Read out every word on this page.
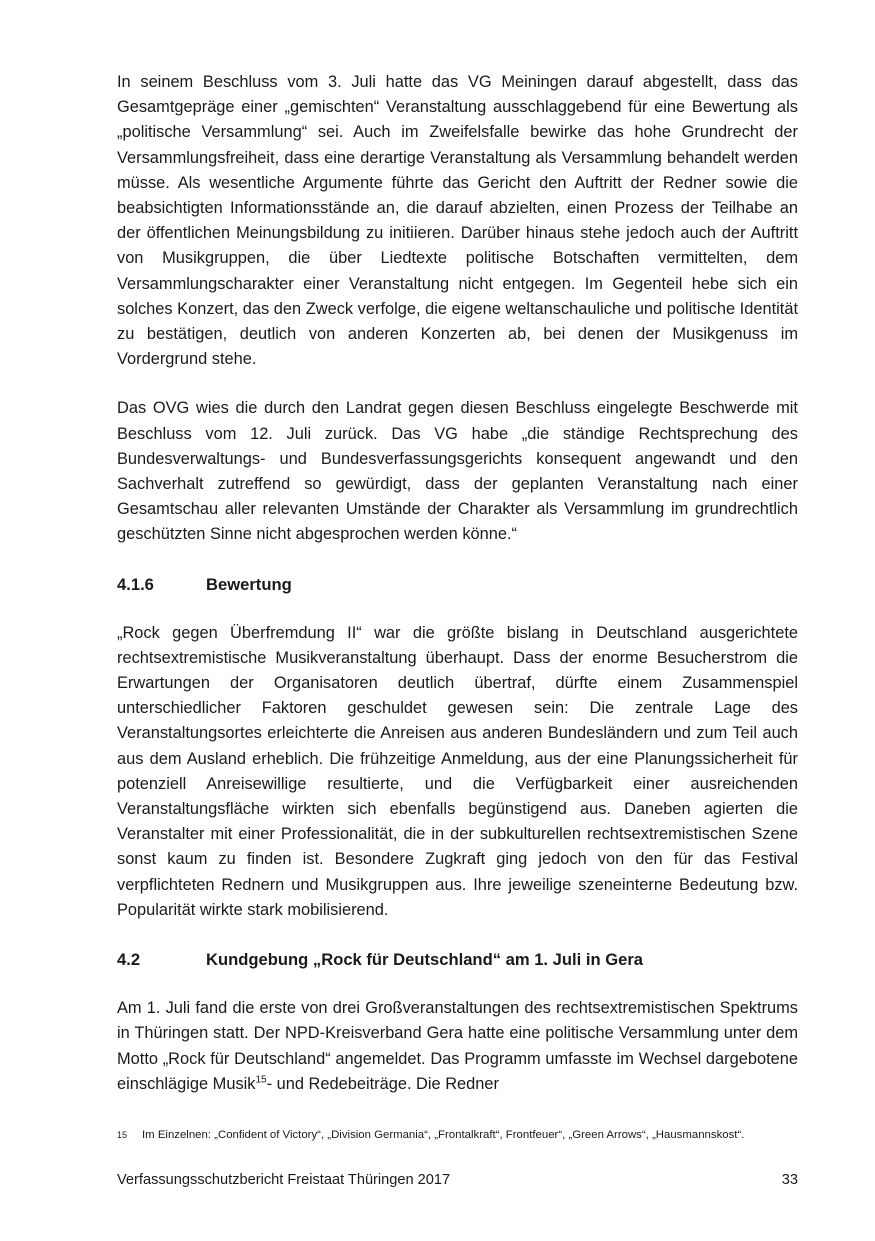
In seinem Beschluss vom 3. Juli hatte das VG Meiningen darauf abgestellt, dass das Gesamtgepräge einer „gemischten“ Veranstaltung ausschlaggebend für eine Bewertung als „politische Versammlung“ sei. Auch im Zweifelsfalle bewirke das hohe Grundrecht der Versammlungsfreiheit, dass eine derartige Veranstaltung als Versammlung behandelt werden müsse. Als wesentliche Argumente führte das Gericht den Auftritt der Redner sowie die beabsichtigten Informationsstände an, die darauf abzielten, einen Prozess der Teilhabe an der öffentlichen Meinungsbildung zu initiieren. Darüber hinaus stehe jedoch auch der Auftritt von Musikgruppen, die über Liedtexte politische Botschaften vermittelten, dem Versammlungscharakter einer Veranstaltung nicht entgegen. Im Gegenteil hebe sich ein solches Konzert, das den Zweck verfolge, die eigene weltanschauliche und politische Identität zu bestätigen, deutlich von anderen Konzerten ab, bei denen der Musikgenuss im Vordergrund stehe.

Das OVG wies die durch den Landrat gegen diesen Beschluss eingelegte Beschwerde mit Beschluss vom 12. Juli zurück. Das VG habe „die ständige Rechtsprechung des Bundesverwaltungs- und Bundesverfassungsgerichts konsequent angewandt und den Sachverhalt zutreffend so gewürdigt, dass der geplanten Veranstaltung nach einer Gesamtschau aller relevanten Umstände der Charakter als Versammlung im grundrechtlich geschützten Sinne nicht abgesprochen werden könne.“

4.1.6	Bewertung

„Rock gegen Überfremdung II“ war die größte bislang in Deutschland ausgerichtete rechtsextremistische Musikveranstaltung überhaupt. Dass der enorme Besucherstrom die Erwartungen der Organisatoren deutlich übertraf, dürfte einem Zusammenspiel unterschiedlicher Faktoren geschuldet gewesen sein: Die zentrale Lage des Veranstaltungsortes erleichterte die Anreisen aus anderen Bundesländern und zum Teil auch aus dem Ausland erheblich. Die frühzeitige Anmeldung, aus der eine Planungssicherheit für potenziell Anreisewillige resultierte, und die Verfügbarkeit einer ausreichenden Veranstaltungsfläche wirkten sich ebenfalls begünstigend aus. Daneben agierten die Veranstalter mit einer Professionalität, die in der subkulturellen rechtsextremistischen Szene sonst kaum zu finden ist. Besondere Zugkraft ging jedoch von den für das Festival verpflichteten Rednern und Musikgruppen aus. Ihre jeweilige szeneinterne Bedeutung bzw. Popularität wirkte stark mobilisierend.

4.2	Kundgebung „Rock für Deutschland“ am 1. Juli in Gera

Am 1. Juli fand die erste von drei Großveranstaltungen des rechtsextremistischen Spektrums in Thüringen statt. Der NPD-Kreisverband Gera hatte eine politische Versammlung unter dem Motto „Rock für Deutschland“ angemeldet. Das Programm umfasste im Wechsel dargebotene einschlägige Musik$^{15}$- und Redebeiträge. Die Redner

15	Im Einzelnen: „Confident of Victory“, „Division Germania“, „Frontalkraft“, Frontfeuer“, „Green Arrows“, „Hausmannskost“.
Verfassungsschutzbericht Freistaat Thüringen 2017	33
